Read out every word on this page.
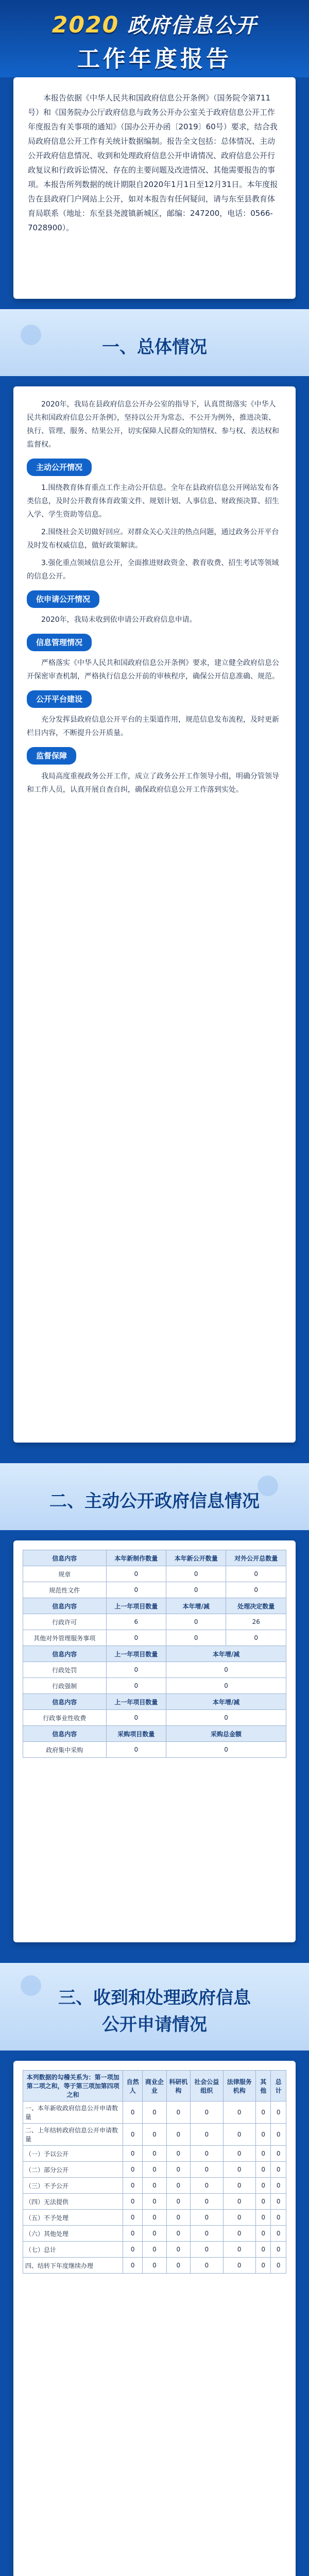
2020 政府信息公开
工作年度报告
本报告依据《中华人民共和国政府信息公开条例》（国务院令第711号）和《国务院办公厅政府信息与政务公开办公室关于政府信息公开工作年度报告有关事项的通知》（国办公开办函〔2019〕60号）要求，结合我局政府信息公开工作有关统计数据编制。报告全文包括：总体情况、主动公开政府信息情况、收到和处理政府信息公开申请情况、政府信息公开行政复议和行政诉讼情况、存在的主要问题及改进情况、其他需要报告的事项。本报告所列数据的统计期限自2020年1月1日至12月31日。本年度报告在县政府门户网站上公开，如对本报告有任何疑问，请与东至县教育体育局联系（地址：东至县尧渡镇新城区，邮编：247200，电话：0566-7028900）。
一、总体情况

2020年，我局在县政府信息公开办公室的指导下，认真贯彻落实《中华人民共和国政府信息公开条例》，坚持以公开为常态、不公开为例外，推进决策、执行、管理、服务、结果公开，切实保障人民群众的知情权、参与权、表达权和监督权。

主动公开情况

1.围绕教育体育重点工作主动公开信息。全年在县政府信息公开网站发布各类信息，及时公开教育体育政策文件、规划计划、人事信息、财政预决算、招生入学、学生资助等信息。

2.围绕社会关切做好回应。对群众关心关注的热点问题，通过政务公开平台及时发布权威信息，做好政策解读。

3.强化重点领域信息公开，全面推进财政资金、教育收费、招生考试等领域的信息公开。

依申请公开情况

2020年，我局未收到依申请公开政府信息申请。

信息管理情况

严格落实《中华人民共和国政府信息公开条例》要求，建立健全政府信息公开保密审查机制，严格执行信息公开前的审核程序，确保公开信息准确、规范。

公开平台建设

充分发挥县政府信息公开平台的主渠道作用，规范信息发布流程，及时更新栏目内容，不断提升公开质量。

监督保障

我局高度重视政务公开工作，成立了政务公开工作领导小组，明确分管领导和工作人员，认真开展自查自纠，确保政府信息公开工作落到实处。

二、主动公开政府信息情况
信息内容	本年新制作数量	本年新公开数量	对外公开总数量
规章	0	0	0
规范性文件	0	0	0
信息内容	上一年项目数量	本年增/减	处理决定数量
行政许可	6	0	26
其他对外管理服务事项	0	0	0
信息内容	上一年项目数量	本年增/减	
行政处罚	0	0	
行政强制	0	0	
信息内容	上一年项目数量	本年增/减	
行政事业性收费	0	0	
信息内容	采购项目数量	采购总金额	
政府集中采购	0	0	
三、收到和处理政府信息
公开申请情况
本列数据的勾稽关系为：第一项加第二项之和，等于第三项加第四项之和	自然人	商业企业	科研机构	社会公益组织	法律服务机构	其他	总计
一、本年新收政府信息公开申请数量	0	0	0	0	0	0	0
二、上年结转政府信息公开申请数量	0	0	0	0	0	0	0
（一）予以公开	0	0	0	0	0	0	0
（二）部分公开	0	0	0	0	0	0	0
（三）不予公开	0	0	0	0	0	0	0
（四）无法提供	0	0	0	0	0	0	0
（五）不予处理	0	0	0	0	0	0	0
（六）其他处理	0	0	0	0	0	0	0
（七）总计	0	0	0	0	0	0	0
四、结转下年度继续办理	0	0	0	0	0	0	0
